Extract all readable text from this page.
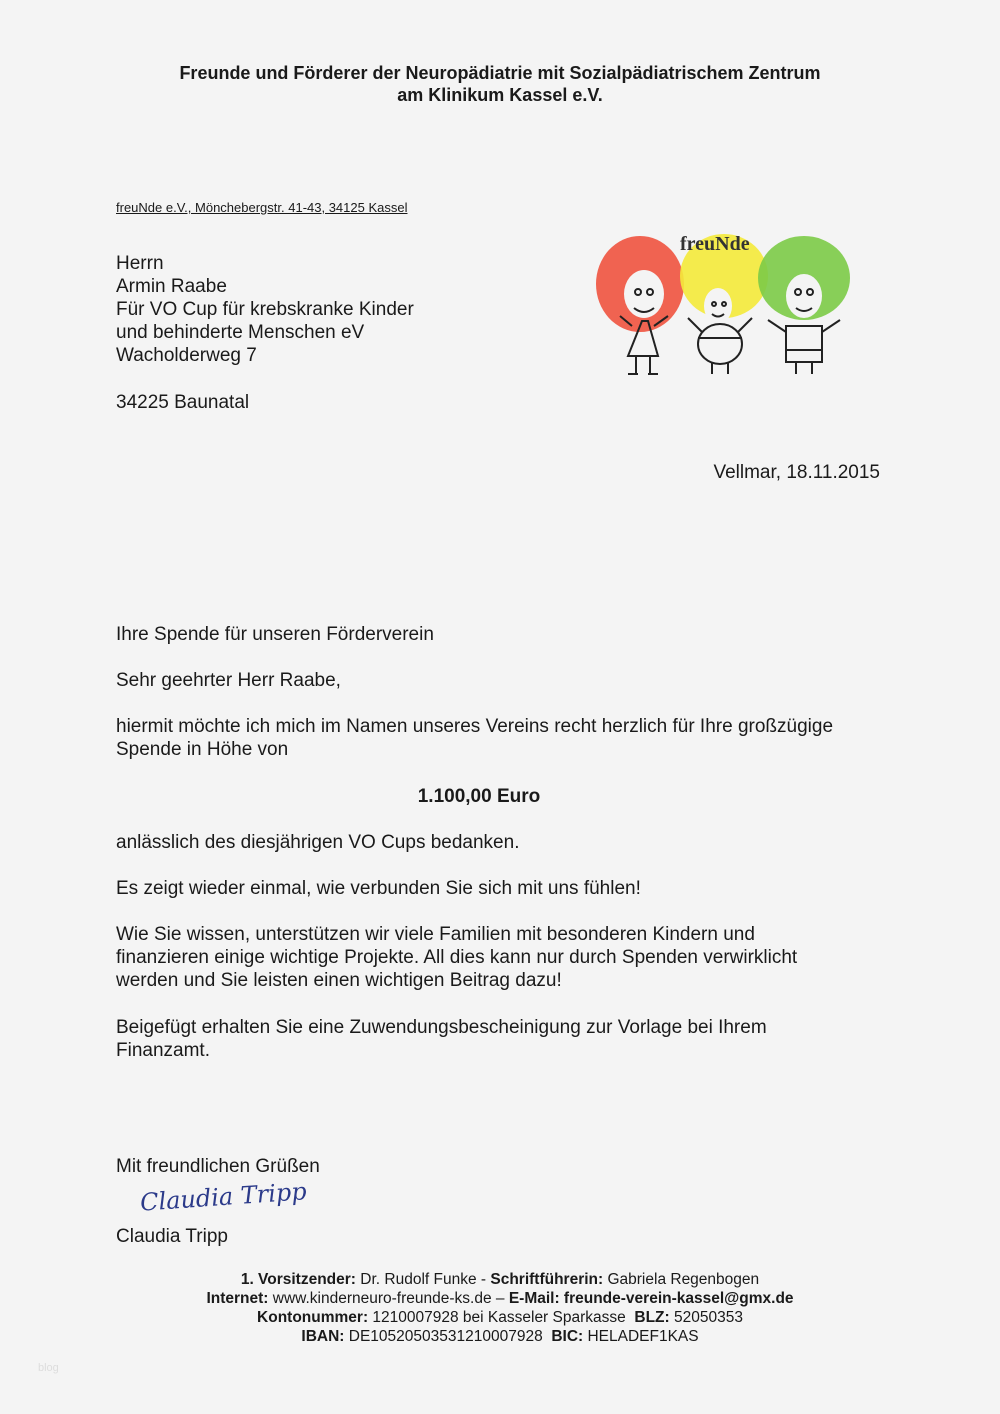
Freunde und Förderer der Neuropädiatrie mit Sozialpädiatrischem Zentrum
am Klinikum Kassel e.V.
freuNde e.V., Mönchebergstr. 41-43, 34125 Kassel
freuNde
Herrn
Armin Raabe
Für VO Cup für krebskranke Kinder
und behinderte Menschen eV
Wacholderweg 7
34225 Baunatal
Vellmar, 18.11.2015
Ihre Spende für unseren Förderverein
Sehr geehrter Herr Raabe,
hiermit möchte ich mich im Namen unseres Vereins recht herzlich für Ihre großzügige
Spende in Höhe von
1.100,00 Euro
anlässlich des diesjährigen VO Cups bedanken.
Es zeigt wieder einmal, wie verbunden Sie sich mit uns fühlen!
Wie Sie wissen, unterstützen wir viele Familien mit besonderen Kindern und
finanzieren einige wichtige Projekte. All dies kann nur durch Spenden verwirklicht
werden und Sie leisten einen wichtigen Beitrag dazu!
Beigefügt erhalten Sie eine Zuwendungsbescheinigung zur Vorlage bei Ihrem
Finanzamt.
Mit freundlichen Grüßen
Claudia Tripp
Claudia Tripp
1. Vorsitzender: Dr. Rudolf Funke - Schriftführerin: Gabriela Regenbogen
Internet: www.kinderneuro-freunde-ks.de – E-Mail: freunde-verein-kassel@gmx.de
Kontonummer: 1210007928 bei Kasseler Sparkasse  BLZ: 52050353
IBAN: DE10520503531210007928  BIC: HELADEF1KAS
blog
